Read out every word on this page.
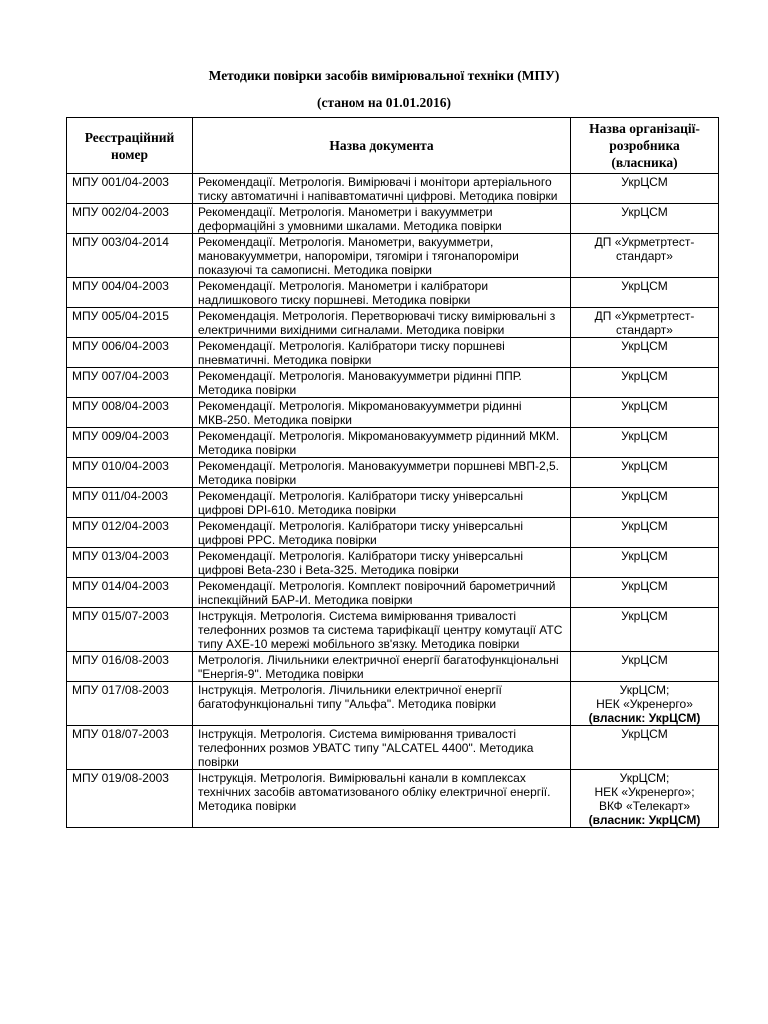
Методики повірки засобів вимірювальної техніки (МПУ)
(станом на 01.01.2016)
Реєстраційний номер	Назва документа	Назва організації-розробника (власника)
МПУ 001/04-2003	Рекомендації. Метрологія. Вимірювачі і монітори артеріального тиску автоматичні і напівавтоматичні цифрові. Методика повірки	УкрЦСМ

МПУ 002/04-2003	Рекомендації. Метрологія. Манометри і вакуумметри деформаційні з умовними шкалами. Методика повірки	УкрЦСМ

МПУ 003/04-2014	Рекомендації. Метрологія. Манометри, вакуумметри, мановакуумметри, напороміри, тягоміри і тягонапороміри показуючі та самописні. Методика повірки	ДП «Укрметртест-стандарт»

МПУ 004/04-2003	Рекомендації. Метрологія. Манометри і калібратори надлишкового тиску поршневі. Методика повірки	УкрЦСМ

МПУ 005/04-2015	Рекомендація. Метрологія. Перетворювачі тиску вимірювальні з електричними вихідними сигналами. Методика повірки	ДП «Укрметртест-стандарт»

МПУ 006/04-2003	Рекомендації. Метрологія. Калібратори тиску поршневі пневматичні. Методика повірки	УкрЦСМ

МПУ 007/04-2003	Рекомендації. Метрологія. Мановакуумметри рідинні ППР. Методика повірки	УкрЦСМ

МПУ 008/04-2003	Рекомендації. Метрологія. Мікромановакуумметри рідинні МКВ-250. Методика повірки	УкрЦСМ

МПУ 009/04-2003	Рекомендації. Метрологія. Мікромановакуумметр рідинний МКМ. Методика повірки	УкрЦСМ

МПУ 010/04-2003	Рекомендації. Метрологія. Мановакуумметри поршневі МВП-2,5. Методика повірки	УкрЦСМ

МПУ 011/04-2003	Рекомендації. Метрологія. Калібратори тиску універсальні цифрові DPI-610. Методика повірки	УкрЦСМ

МПУ 012/04-2003	Рекомендації. Метрологія. Калібратори тиску універсальні цифрові PPC. Методика повірки	УкрЦСМ

МПУ 013/04-2003	Рекомендації. Метрологія. Калібратори тиску універсальні цифрові Beta-230 і Beta-325. Методика повірки	УкрЦСМ

МПУ 014/04-2003	Рекомендації. Метрологія. Комплект повірочний барометричний інспекційний БАР-И. Методика повірки	УкрЦСМ

МПУ 015/07-2003	Інструкція. Метрологія. Система вимірювання тривалості телефонних розмов та система тарифікації центру комутації АТС типу AXE-10 мережі мобільного зв'язку. Методика повірки	УкрЦСМ

МПУ 016/08-2003	Метрологія. Лічильники електричної енергії багатофункціональні "Енергія-9". Методика повірки	УкрЦСМ

МПУ 017/08-2003	Інструкція. Метрологія. Лічильники електричної енергії багатофункціональні типу "Альфа". Методика повірки	УкрЦСМ;
НЕК «Укренерго»
(власник: УкрЦСМ)

МПУ 018/07-2003	Інструкція. Метрологія. Система вимірювання тривалості телефонних розмов УВАТС типу "ALCATEL 4400". Методика повірки	УкрЦСМ

МПУ 019/08-2003	Інструкція. Метрологія. Вимірювальні канали в комплексах технічних засобів автоматизованого обліку електричної енергії. Методика повірки	УкрЦСМ;
НЕК «Укренерго»;
ВКФ «Телекарт»
(власник: УкрЦСМ)
